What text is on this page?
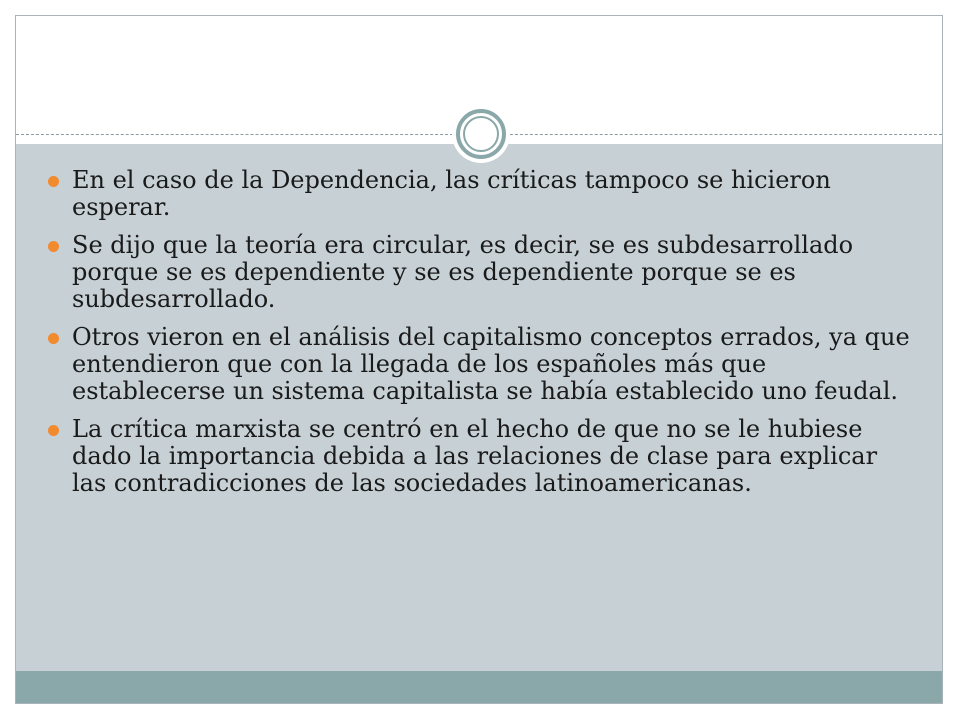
En el caso de la Dependencia, las críticas tampoco se hicieron esperar.
Se dijo que la teoría era circular, es decir, se es subdesarrollado porque se es dependiente y se es dependiente porque se es subdesarrollado.
Otros vieron en el análisis del capitalismo conceptos errados, ya que entendieron que con la llegada de los españoles más que establecerse un sistema capitalista se había establecido uno feudal.
La crítica marxista se centró en el hecho de que no se le hubiese dado la importancia debida a las relaciones de clase para explicar las contradicciones de las sociedades latinoamericanas.
